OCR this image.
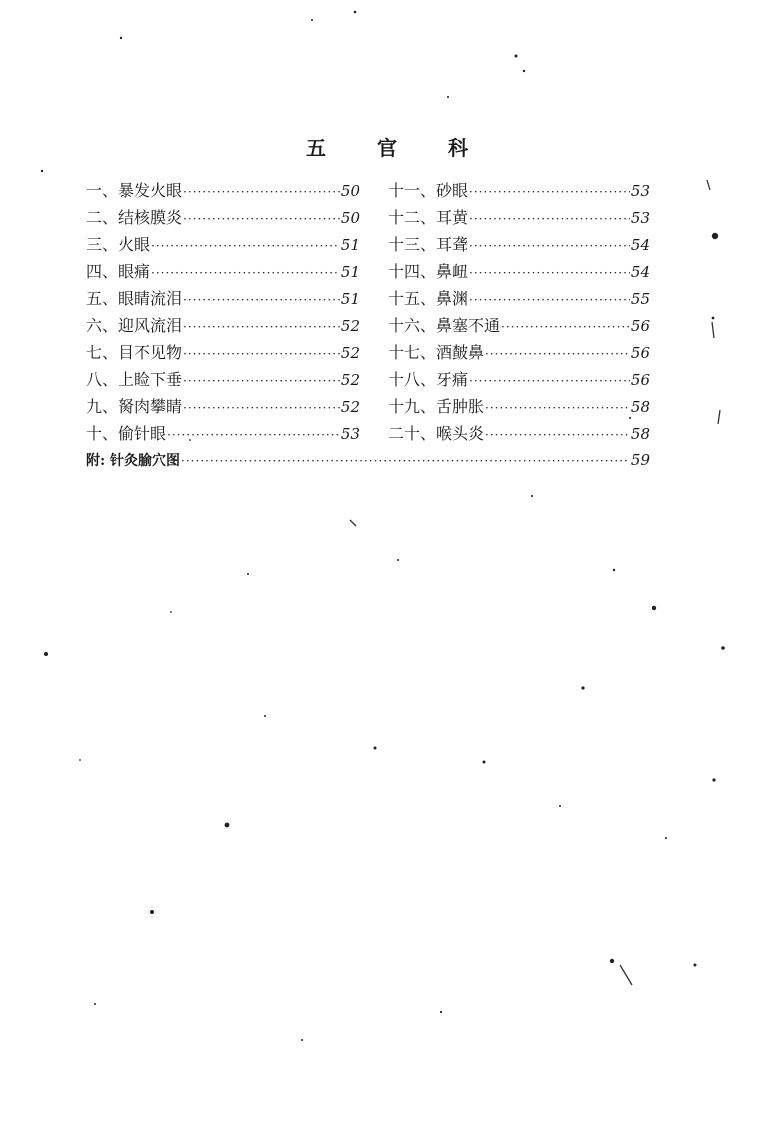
五 官 科
一、暴发火眼 ·····	50 十一、砂眼 ·····	53
二、结核膜炎 ·····	50 十二、耳黄 ·····	53
三、火眼 ·····	51 十三、耳聋 ·····	54
四、眼痛 ·····	51 十四、鼻衄 ·····	54
五、眼睛流泪 ·····	51 十五、鼻渊 ·····	55
六、迎风流泪 ·····	52 十六、鼻塞不通 ·····	56
七、目不见物 ·····	52 十七、酒皶鼻 ·····	56
八、上睑下垂 ·····	52 十八、牙痛 ·····	56
九、胬肉攀睛 ·····	52 十九、舌肿胀 ·····	58
十、偷针眼 ·····	53 二十、喉头炎 ·····	58
附: 针灸腧穴图 ·····	59
